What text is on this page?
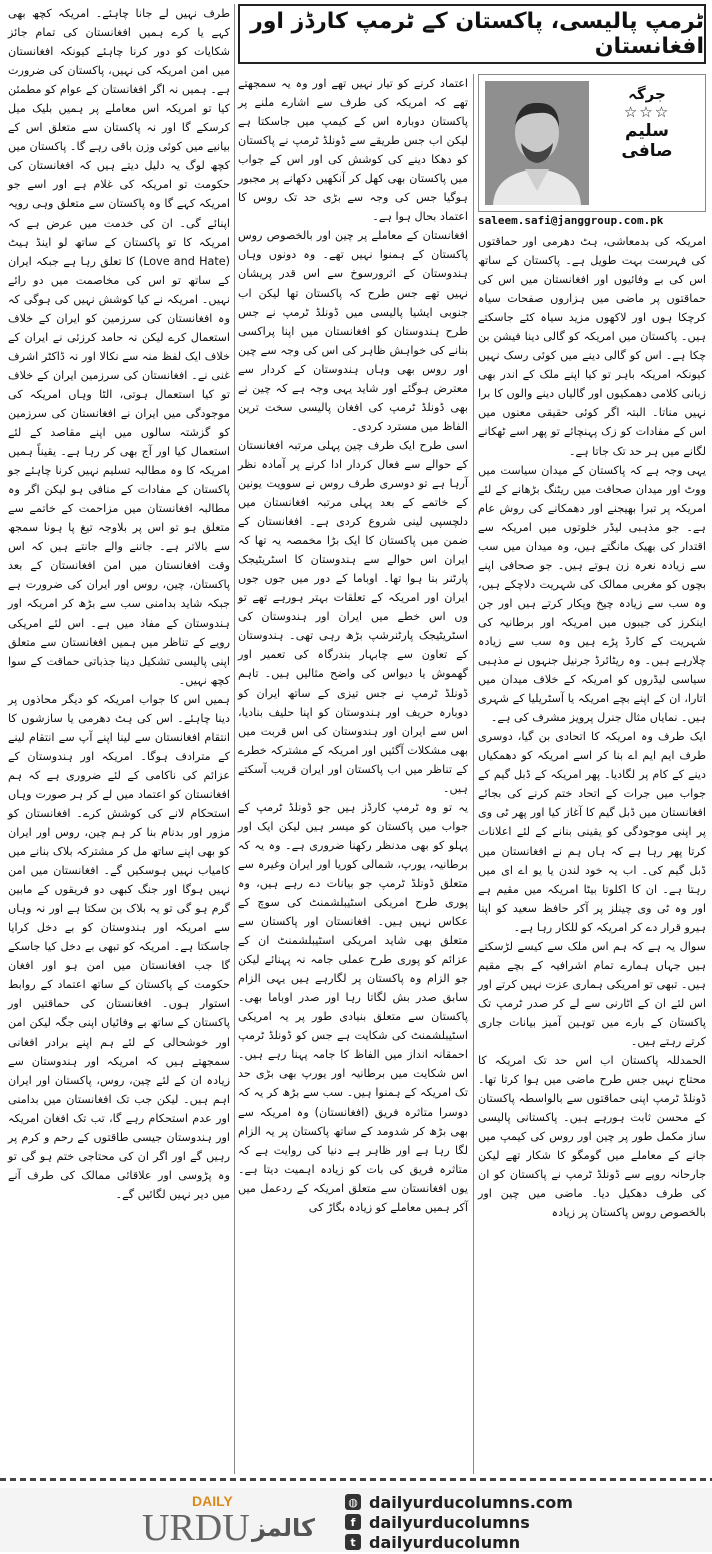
ٹرمپ پالیسی، پاکستان کے ٹرمپ کارڈز اور افغانستان
جرگہ
☆☆☆
سلیم صافی
saleem.safi@janggroup.com.pk

امریکہ کی بدمعاشی، ہٹ دھرمی اور حماقتوں کی فہرست بہت طویل ہے۔ پاکستان کے ساتھ اس کی بے وفائیوں اور افغانستان میں اس کی حماقتوں پر ماضی میں ہزاروں صفحات سیاہ کرچکا ہوں اور لاکھوں مزید سیاہ کئے جاسکتے ہیں۔ پاکستان میں امریکہ کو گالی دینا فیشن بن چکا ہے۔ اس کو گالی دینے میں کوئی رسک نہیں کیونکہ امریکہ باہر تو کیا اپنے ملک کے اندر بھی زبانی کلامی دھمکیوں اور گالیاں دینے والوں کا برا نہیں مناتا۔ البتہ اگر کوئی حقیقی معنوں میں اس کے مفادات کو زک پہنچائے تو پھر اسے ٹھکانے لگانے میں ہر حد تک جاتا ہے۔

یہی وجہ ہے کہ پاکستان کے میدان سیاست میں ووٹ اور میدان صحافت میں ریٹنگ بڑھانے کے لئے امریکہ پر تبرا بھیجنے اور دھمکانے کی روش عام ہے۔ جو مذہبی لیڈر خلوتوں میں امریکہ سے اقتدار کی بھیک مانگتے ہیں، وہ میدان میں سب سے زیادہ نعرہ زن ہوتے ہیں۔ جو صحافی اپنے بچوں کو مغربی ممالک کی شہریت دلاچکے ہیں، وہ سب سے زیادہ چیخ وپکار کرتے ہیں اور جن اینکرز کی جیبوں میں امریکہ اور برطانیہ کی شہریت کے کارڈ پڑے ہیں وہ سب سے زیادہ چلارہے ہیں۔ وہ ریٹائرڈ جرنیل جنہوں نے مذہبی سیاسی لیڈروں کو امریکہ کے خلاف میدان میں اتارا، ان کے اپنے بچے امریکہ یا آسٹریلیا کے شہری ہیں۔ نمایاں مثال جنرل پرویز مشرف کی ہے۔

ایک طرف وہ امریکہ کا اتحادی بن گیا، دوسری طرف ایم ایم اے بنا کر اسے امریکہ کو دھمکیاں دینے کے کام پر لگادیا۔ پھر امریکہ کے ڈبل گیم کے جواب میں جرات کے اتحاد ختم کرنے کی بجائے افغانستان میں ڈبل گیم کا آغاز کیا اور پھر ٹی وی پر اپنی موجودگی کو یقینی بنانے کے لئے اعلانات کرتا پھر رہا ہے کہ ہاں ہم نے افغانستان میں ڈبل گیم کی۔ اب یہ خود لندن یا یو اے ای میں رہتا ہے۔ ان کا اکلوتا بیٹا امریکہ میں مقیم ہے اور وہ ٹی وی چینلز پر آکر حافظ سعید کو اپنا ہیرو قرار دے کر امریکہ کو للکار رہا ہے۔

سوال یہ ہے کہ ہم اس ملک سے کیسے لڑسکتے ہیں جہاں ہمارے تمام اشرافیہ کے بچے مقیم ہیں۔ تبھی تو امریکی ہماری عزت نہیں کرتے اور اس لئے ان کے اٹارنی سے لے کر صدر ٹرمپ تک پاکستان کے بارے میں توہین آمیز بیانات جاری کرتے رہتے ہیں۔

الحمدللہ پاکستان اب اس حد تک امریکہ کا محتاج نہیں جس طرح ماضی میں ہوا کرتا تھا۔ ڈونلڈ ٹرمپ اپنی حماقتوں سے بالواسطہ پاکستان کے محسن ثابت ہورہے ہیں۔ پاکستانی پالیسی ساز مکمل طور پر چین اور روس کی کیمپ میں جانے کے معاملے میں گومگو کا شکار تھے لیکن جارحانہ رویے سے ڈونلڈ ٹرمپ نے پاکستان کو ان کی طرف دھکیل دیا۔ ماضی میں چین اور بالخصوص روس پاکستان پر زیادہ

اعتماد کرنے کو تیار نہیں تھے اور وہ یہ سمجھتے تھے کہ امریکہ کی طرف سے اشارے ملنے پر پاکستان دوبارہ اس کے کیمپ میں جاسکتا ہے لیکن اب جس طریقے سے ڈونلڈ ٹرمپ نے پاکستان کو دھکا دینے کی کوشش کی اور اس کے جواب میں پاکستان بھی کھل کر آنکھیں دکھانے پر مجبور ہوگیا جس کی وجہ سے بڑی حد تک روس کا اعتماد بحال ہوا ہے۔

افغانستان کے معاملے پر چین اور بالخصوص روس پاکستان کے ہمنوا نہیں تھے۔ وہ دونوں وہاں ہندوستان کے اثرورسوخ سے اس قدر پریشان نہیں تھے جس طرح کہ پاکستان تھا لیکن اب جنوبی ایشیا پالیسی میں ڈونلڈ ٹرمپ نے جس طرح ہندوستان کو افغانستان میں اپنا پراکسی بنانے کی خواہش ظاہر کی اس کی وجہ سے چین اور روس بھی وہاں ہندوستان کے کردار سے معترض ہوگئے اور شاید یہی وجہ ہے کہ چین نے بھی ڈونلڈ ٹرمپ کی افغان پالیسی سخت ترین الفاظ میں مسترد کردی۔

اسی طرح ایک طرف چین پہلی مرتبہ افغانستان کے حوالے سے فعال کردار ادا کرنے پر آمادہ نظر آرہا ہے تو دوسری طرف روس نے سوویت یونین کے خاتمے کے بعد پہلی مرتبہ افغانستان میں دلچسپی لینی شروع کردی ہے۔ افغانستان کے ضمن میں پاکستان کا ایک بڑا مخمصہ یہ تھا کہ ایران اس حوالے سے ہندوستان کا اسٹریٹیجک پارٹنر بنا ہوا تھا۔ اوباما کے دور میں جوں جوں ایران اور امریکہ کے تعلقات بہتر ہورہے تھے تو وں اس خطے میں ایران اور ہندوستان کی اسٹریٹیجک پارٹنرشپ بڑھ رہی تھی۔ ہندوستان کے تعاون سے چابہار بندرگاہ کی تعمیر اور گھموش یا دیواس کی واضح مثالیں ہیں۔ تاہم ڈونلڈ ٹرمپ نے جس تیزی کے ساتھ ایران کو دوبارہ حریف اور ہندوستان کو اپنا حلیف بنادیا، اس سے ایران اور ہندوستان کی اس قربت میں بھی مشکلات آگئیں اور امریکہ کے مشترکہ خطرے کے تناظر میں اب پاکستان اور ایران قریب آسکتے ہیں۔

یہ تو وہ ٹرمپ کارڈز ہیں جو ڈونلڈ ٹرمپ کے جواب میں پاکستان کو میسر ہیں لیکن ایک اور پہلو کو بھی مدنظر رکھنا ضروری ہے۔ وہ یہ کہ برطانیہ، یورپ، شمالی کوریا اور ایران وغیرہ سے متعلق ڈونلڈ ٹرمپ جو بیانات دے رہے ہیں، وہ پوری طرح امریکی اسٹیبلشمنٹ کی سوچ کے عکاس نہیں ہیں۔ افغانستان اور پاکستان سے متعلق بھی شاید امریکی اسٹیبلشمنٹ ان کے عزائم کو پوری طرح عملی جامہ نہ پہنائے لیکن جو الزام وہ پاکستان پر لگارہے ہیں یہی الزام سابق صدر بش لگاتا رہا اور صدر اوباما بھی۔ پاکستان سے متعلق بنیادی طور پر یہ امریکی اسٹیبلشمنٹ کی شکایت ہے جس کو ڈونلڈ ٹرمپ احمقانہ انداز میں الفاظ کا جامہ پہنا رہے ہیں۔ اس شکایت میں برطانیہ اور یورپ بھی بڑی حد تک امریکہ کے ہمنوا ہیں۔ سب سے بڑھ کر یہ کہ دوسرا متاثرہ فریق (افغانستان) وہ امریکہ سے بھی بڑھ کر شدومد کے ساتھ پاکستان پر یہ الزام لگا رہا ہے اور ظاہر ہے دنیا کی روایت ہے کہ متاثرہ فریق کی بات کو زیادہ اہمیت دیتا ہے۔ یوں افغانستان سے متعلق امریکہ کے ردعمل میں آکر ہمیں معاملے کو زیادہ بگاڑ کی

طرف نہیں لے جانا چاہئے۔ امریکہ کچھ بھی کہے یا کرے ہمیں افغانستان کی تمام جائز شکایات کو دور کرنا چاہئے کیونکہ افغانستان میں امن امریکہ کی نہیں، پاکستان کی ضرورت ہے۔ ہمیں نہ اگر افغانستان کے عوام کو مطمئن کیا تو امریکہ اس معاملے پر ہمیں بلیک میل کرسکے گا اور نہ پاکستان سے متعلق اس کے بیانیے میں کوئی وزن باقی رہے گا۔ پاکستان میں کچھ لوگ یہ دلیل دیتے ہیں کہ افغانستان کی حکومت تو امریکہ کی غلام ہے اور اسے جو امریکہ کہے گا وہ پاکستان سے متعلق وہی رویہ اپنائے گی۔ ان کی خدمت میں عرض ہے کہ امریکہ کا تو پاکستان کے ساتھ لو اینڈ ہیٹ (Love and Hate) کا تعلق رہا ہے جبکہ ایران کے ساتھ تو اس کی مخاصمت میں دو رائے نہیں۔ امریکہ نے کیا کوشش نہیں کی ہوگی کہ وہ افغانستان کی سرزمین کو ایران کے خلاف استعمال کرے لیکن نہ حامد کرزئی نے ایران کے خلاف ایک لفظ منہ سے نکالا اور نہ ڈاکٹر اشرف غنی نے۔ افغانستان کی سرزمین ایران کے خلاف تو کیا استعمال ہوتی، الٹا وہاں امریکہ کی موجودگی میں ایران نے افغانستان کی سرزمین کو گزشتہ سالوں میں اپنے مقاصد کے لئے استعمال کیا اور آج بھی کر رہا ہے۔ یقیناً ہمیں امریکہ کا وہ مطالبہ تسلیم نہیں کرنا چاہئے جو پاکستان کے مفادات کے منافی ہو لیکن اگر وہ مطالبہ افغانستان میں مزاحمت کے خاتمے سے متعلق ہو تو اس پر بلاوجہ تیغ پا ہونا سمجھ سے بالاتر ہے۔ جاننے والے جانتے ہیں کہ اس وقت افغانستان میں امن افغانستان کے بعد پاکستان، چین، روس اور ایران کی ضرورت ہے جبکہ شاید بدامنی سب سے بڑھ کر امریکہ اور ہندوستان کے مفاد میں ہے۔ اس لئے امریکی رویے کے تناظر میں ہمیں افغانستان سے متعلق اپنی پالیسی تشکیل دینا جذباتی حماقت کے سوا کچھ نہیں۔

ہمیں اس کا جواب امریکہ کو دیگر محاذوں پر دینا چاہئے۔ اس کی ہٹ دھرمی یا سازشوں کا انتقام افغانستان سے لینا اپنے آپ سے انتقام لینے کے مترادف ہوگا۔ امریکہ اور ہندوستان کے عزائم کی ناکامی کے لئے ضروری ہے کہ ہم افغانستان کو اعتماد میں لے کر ہر صورت وہاں استحکام لانے کی کوشش کرے۔ افغانستان کو مزور اور بدنام بنا کر ہم چین، روس اور ایران کو بھی اپنے ساتھ مل کر مشترکہ بلاک بنانے میں کامیاب نہیں ہوسکیں گے۔ افغانستان میں امن نہیں ہوگا اور جنگ کبھی دو فریقوں کے مابین گرم ہو گی تو یہ بلاک بن سکتا ہے اور نہ وہاں سے امریکہ اور ہندوستان کو بے دخل کرایا جاسکتا ہے۔ امریکہ کو تبھی بے دخل کیا جاسکے گا جب افغانستان میں امن ہو اور افغان حکومت کے پاکستان کے ساتھ اعتماد کے روابط استوار ہوں۔ افغانستان کی حماقتیں اور پاکستان کے ساتھ بے وفائیاں اپنی جگہ لیکن امن اور خوشحالی کے لئے ہم اپنے برادر افغانی سمجھتے ہیں کہ امریکہ اور ہندوستان سے زیادہ ان کے لئے چین، روس، پاکستان اور ایران اہم ہیں۔ لیکن جب تک افغانستان میں بدامنی اور عدم استحکام رہے گا، تب تک افغان امریکہ اور ہندوستان جیسی طاقتوں کے رحم و کرم پر رہیں گے اور اگر ان کی محتاجی ختم ہو گی تو وہ پڑوسی اور علاقائی ممالک کی طرف آنے میں دیر نہیں لگائیں گے۔

DAILY
URDU کالمز
◍ dailyurducolumns.com
f dailyurducolumns
t dailyurducolumn
